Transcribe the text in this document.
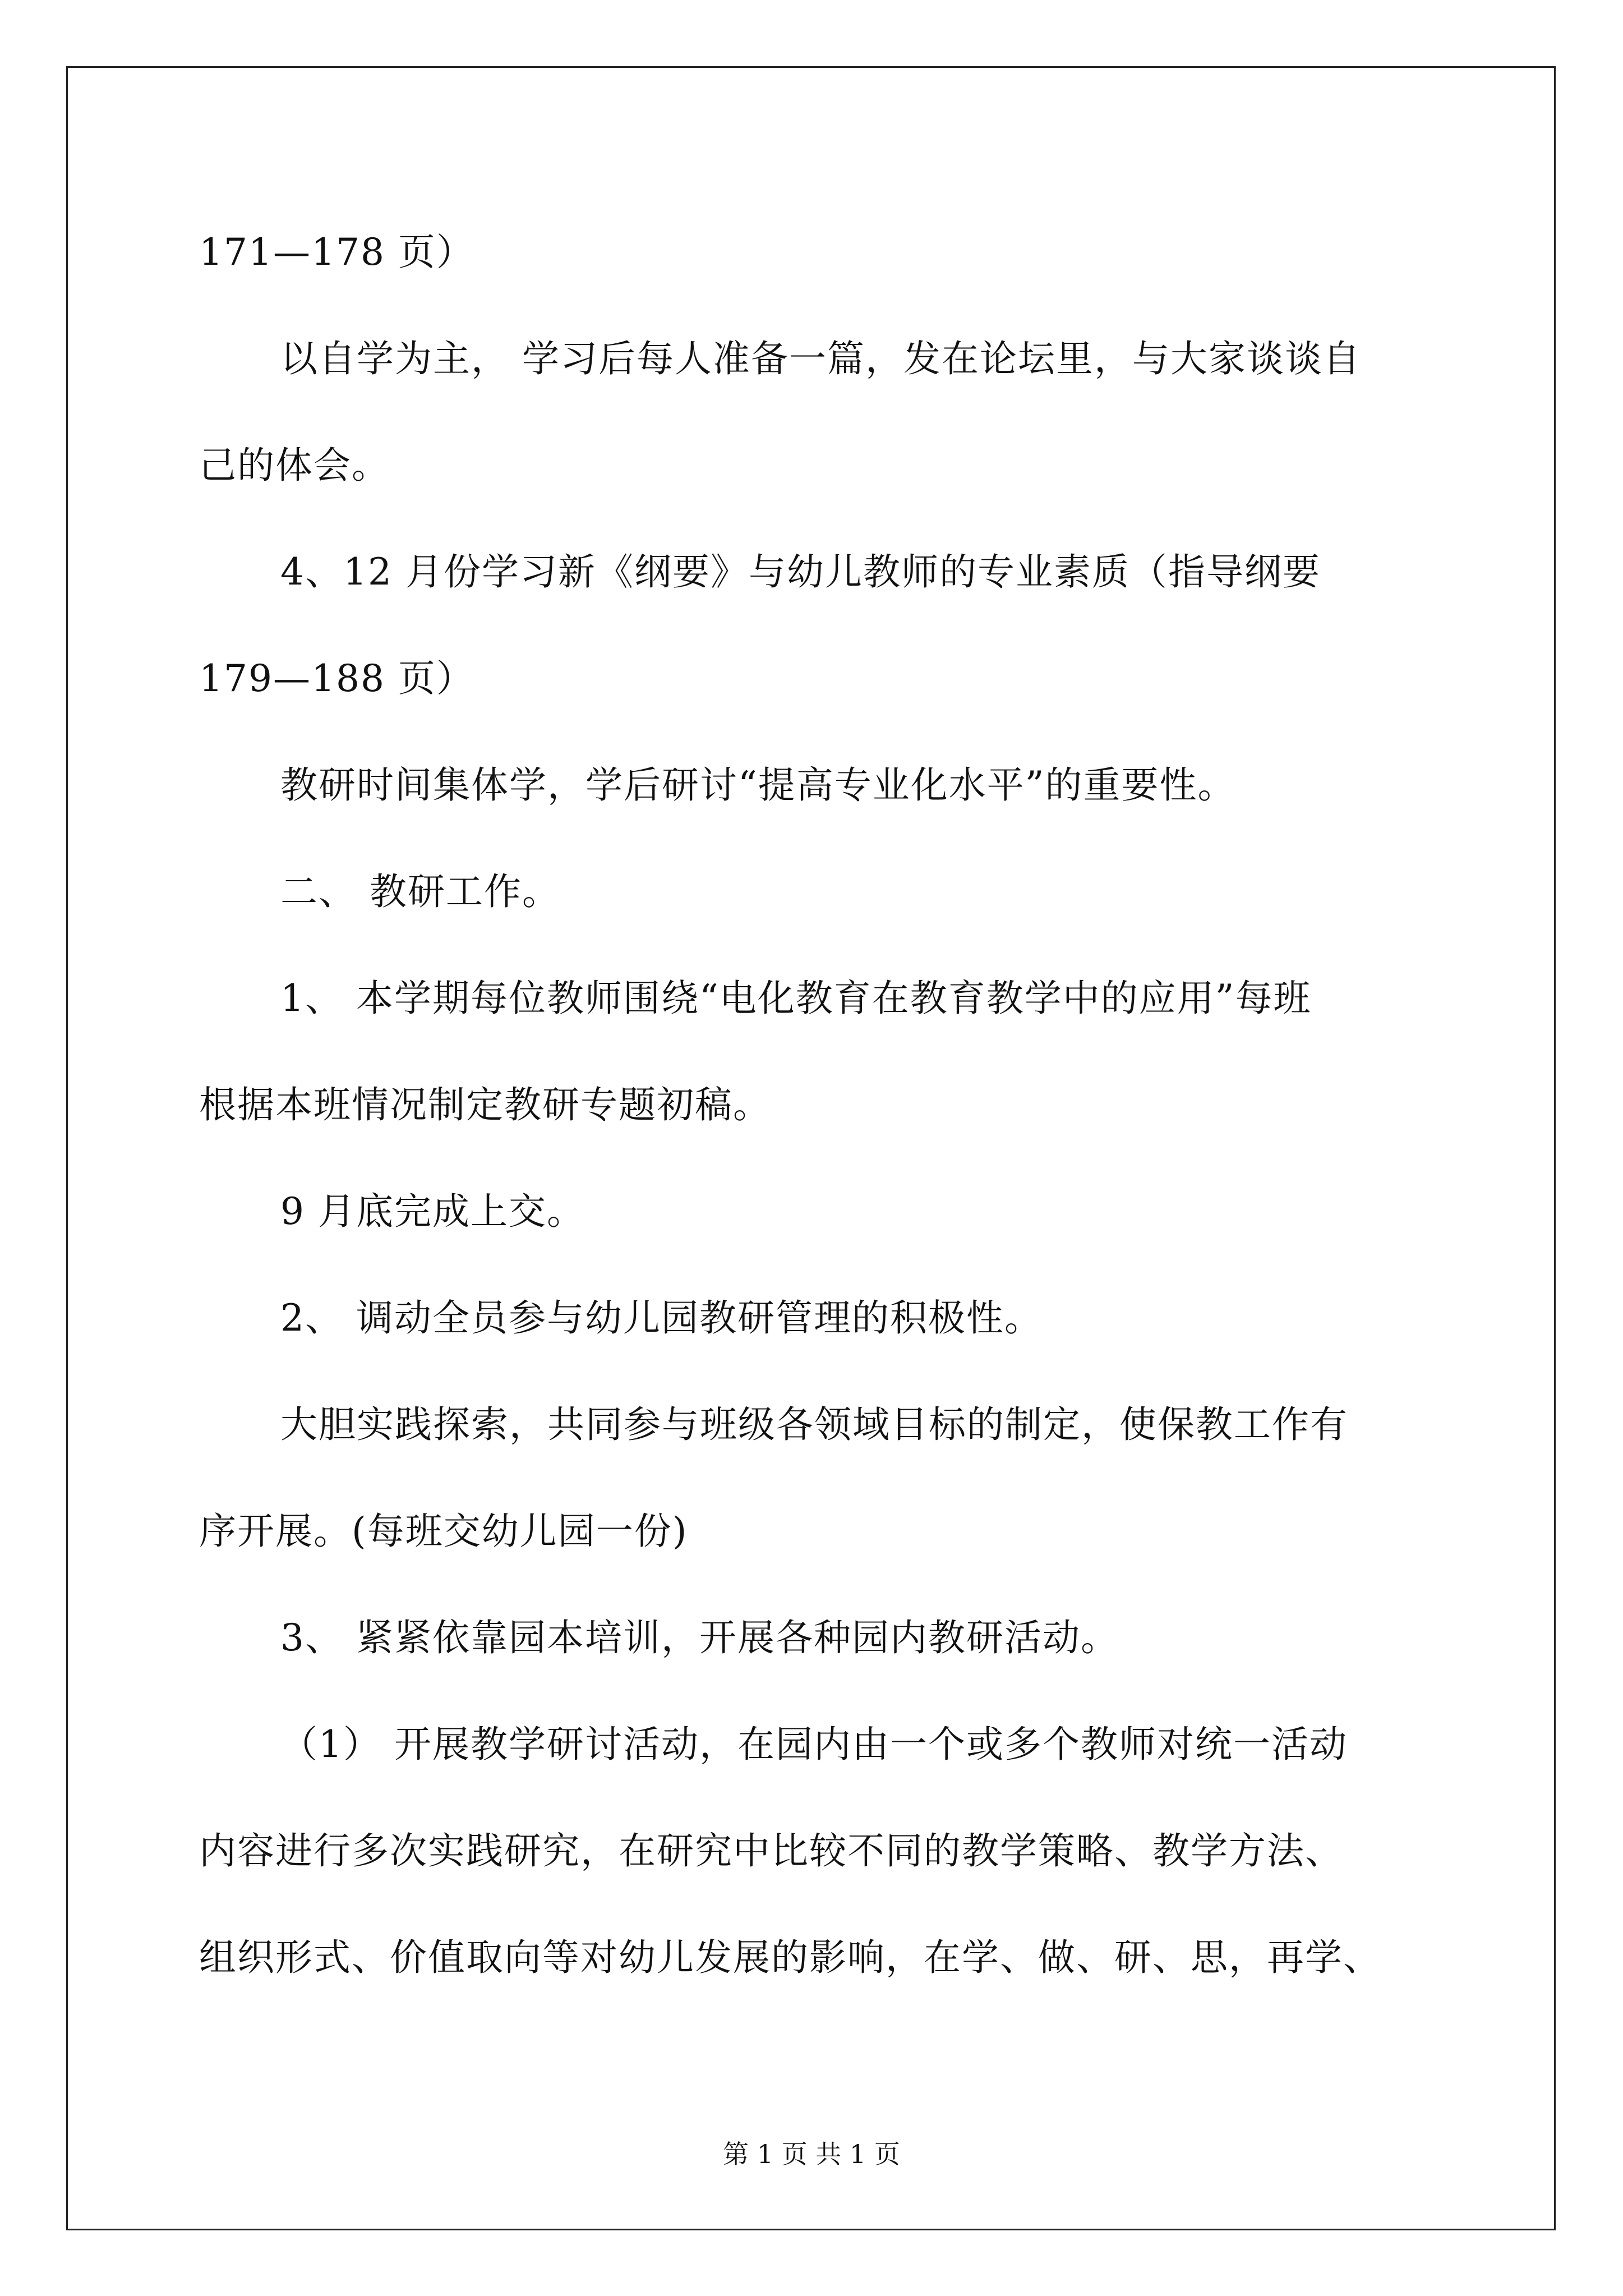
171—178 页）
以自学为主， 学习后每人准备一篇，发在论坛里，与大家谈谈自
己的体会。
4、12 月份学习新《纲要》与幼儿教师的专业素质（指导纲要
179—188 页）
教研时间集体学，学后研讨“提高专业化水平”的重要性。
二、 教研工作。
1、 本学期每位教师围绕“电化教育在教育教学中的应用”每班
根据本班情况制定教研专题初稿。
9 月底完成上交。
2、 调动全员参与幼儿园教研管理的积极性。
大胆实践探索，共同参与班级各领域目标的制定，使保教工作有
序开展。(每班交幼儿园一份)
3、 紧紧依靠园本培训，开展各种园内教研活动。
（1） 开展教学研讨活动，在园内由一个或多个教师对统一活动
内容进行多次实践研究，在研究中比较不同的教学策略、教学方法、
组织形式、价值取向等对幼儿发展的影响，在学、做、研、思，再学、
第 1 页 共 1 页
